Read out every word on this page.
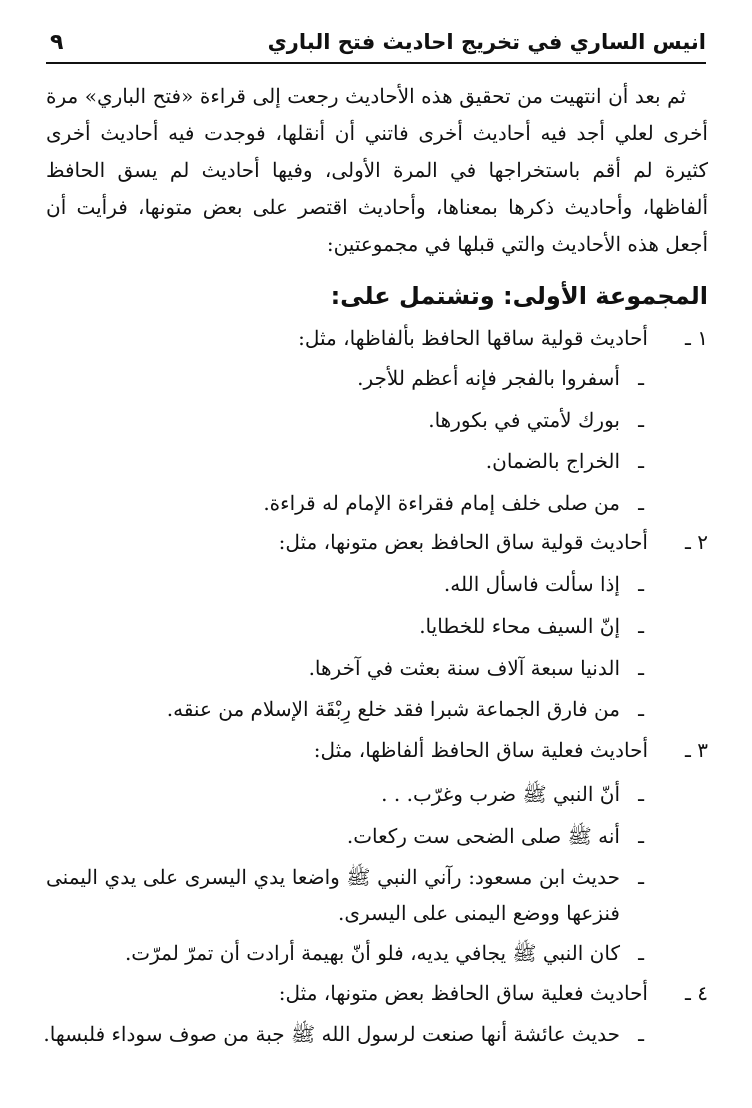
انيس الساري في تخريج احاديث فتح الباري
٩

ثم بعد أن انتهيت من تحقيق هذه الأحاديث رجعت إلى قراءة «فتح الباري» مرة أخرى لعلي أجد فيه أحاديث أخرى فاتني أن أنقلها، فوجدت فيه أحاديث أخرى كثيرة لم أقم باستخراجها في المرة الأولى، وفيها أحاديث لم يسق الحافظ ألفاظها، وأحاديث ذكرها بمعناها، وأحاديث اقتصر على بعض متونها، فرأيت أن أجعل هذه الأحاديث والتي قبلها في مجموعتين:

المجموعة الأولى: وتشتمل على:
١ ـ
أحاديث قولية ساقها الحافظ بألفاظها، مثل:
ـ
أسفروا بالفجر فإنه أعظم للأجر.
ـ
بورك لأمتي في بكورها.
ـ
الخراج بالضمان.
ـ
من صلى خلف إمام فقراءة الإمام له قراءة.
٢ ـ
أحاديث قولية ساق الحافظ بعض متونها، مثل:
ـ
إذا سألت فاسأل الله.
ـ
إنّ السيف محاء للخطايا.
ـ
الدنيا سبعة آلاف سنة بعثت في آخرها.
ـ
من فارق الجماعة شبرا فقد خلع رِبْقَة الإسلام من عنقه.
٣ ـ
أحاديث فعلية ساق الحافظ ألفاظها، مثل:
ـ
أنّ النبي ﷺ ضرب وغرّب. . .
ـ
أنه ﷺ صلى الضحى ست ركعات.
ـ
حديث ابن مسعود: رآني النبي ﷺ واضعا يدي اليسرى على يدي اليمنى فنزعها ووضع اليمنى على اليسرى.
ـ
كان النبي ﷺ يجافي يديه، فلو أنّ بهيمة أرادت أن تمرّ لمرّت.
٤ ـ
أحاديث فعلية ساق الحافظ بعض متونها، مثل:
ـ
حديث عائشة أنها صنعت لرسول الله ﷺ جبة من صوف سوداء فلبسها.
